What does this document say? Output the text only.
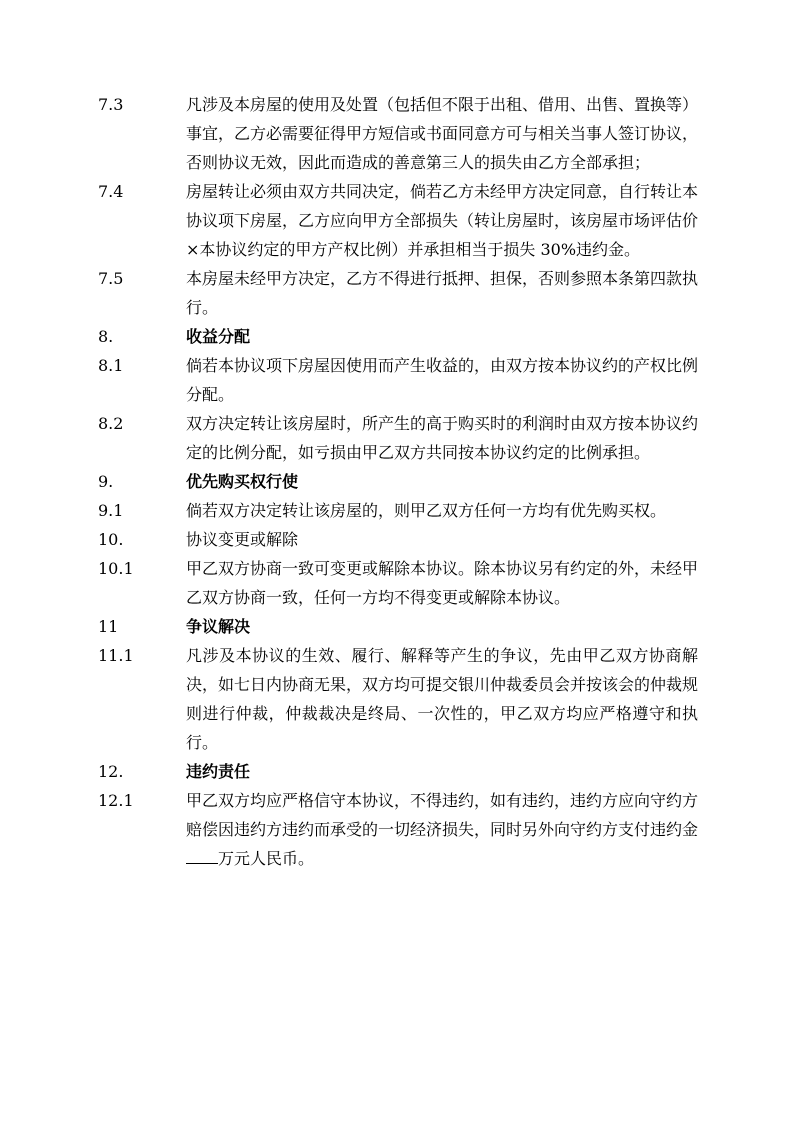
7.3	凡涉及本房屋的使用及处置（包括但不限于出租、借用、出售、置换等）事宜，乙方必需要征得甲方短信或书面同意方可与相关当事人签订协议，否则协议无效，因此而造成的善意第三人的损失由乙方全部承担；
7.4	房屋转让必须由双方共同决定，倘若乙方未经甲方决定同意，自行转让本协议项下房屋，乙方应向甲方全部损失（转让房屋时，该房屋市场评估价×本协议约定的甲方产权比例）并承担相当于损失 30%违约金。
7.5	本房屋未经甲方决定，乙方不得进行抵押、担保，否则参照本条第四款执行。
8.	收益分配
8.1	倘若本协议项下房屋因使用而产生收益的，由双方按本协议约的产权比例分配。
8.2	双方决定转让该房屋时，所产生的高于购买时的利润时由双方按本协议约定的比例分配，如亏损由甲乙双方共同按本协议约定的比例承担。
9.	优先购买权行使
9.1	倘若双方决定转让该房屋的，则甲乙双方任何一方均有优先购买权。
10.	协议变更或解除
10.1	甲乙双方协商一致可变更或解除本协议。除本协议另有约定的外，未经甲乙双方协商一致，任何一方均不得变更或解除本协议。
11	争议解决
11.1	凡涉及本协议的生效、履行、解释等产生的争议，先由甲乙双方协商解决，如七日内协商无果，双方均可提交银川仲裁委员会并按该会的仲裁规则进行仲裁，仲裁裁决是终局、一次性的，甲乙双方均应严格遵守和执行。
12.	违约责任
12.1	甲乙双方均应严格信守本协议，不得违约，如有违约，违约方应向守约方赔偿因违约方违约而承受的一切经济损失，同时另外向守约方支付违约金万元人民币。
